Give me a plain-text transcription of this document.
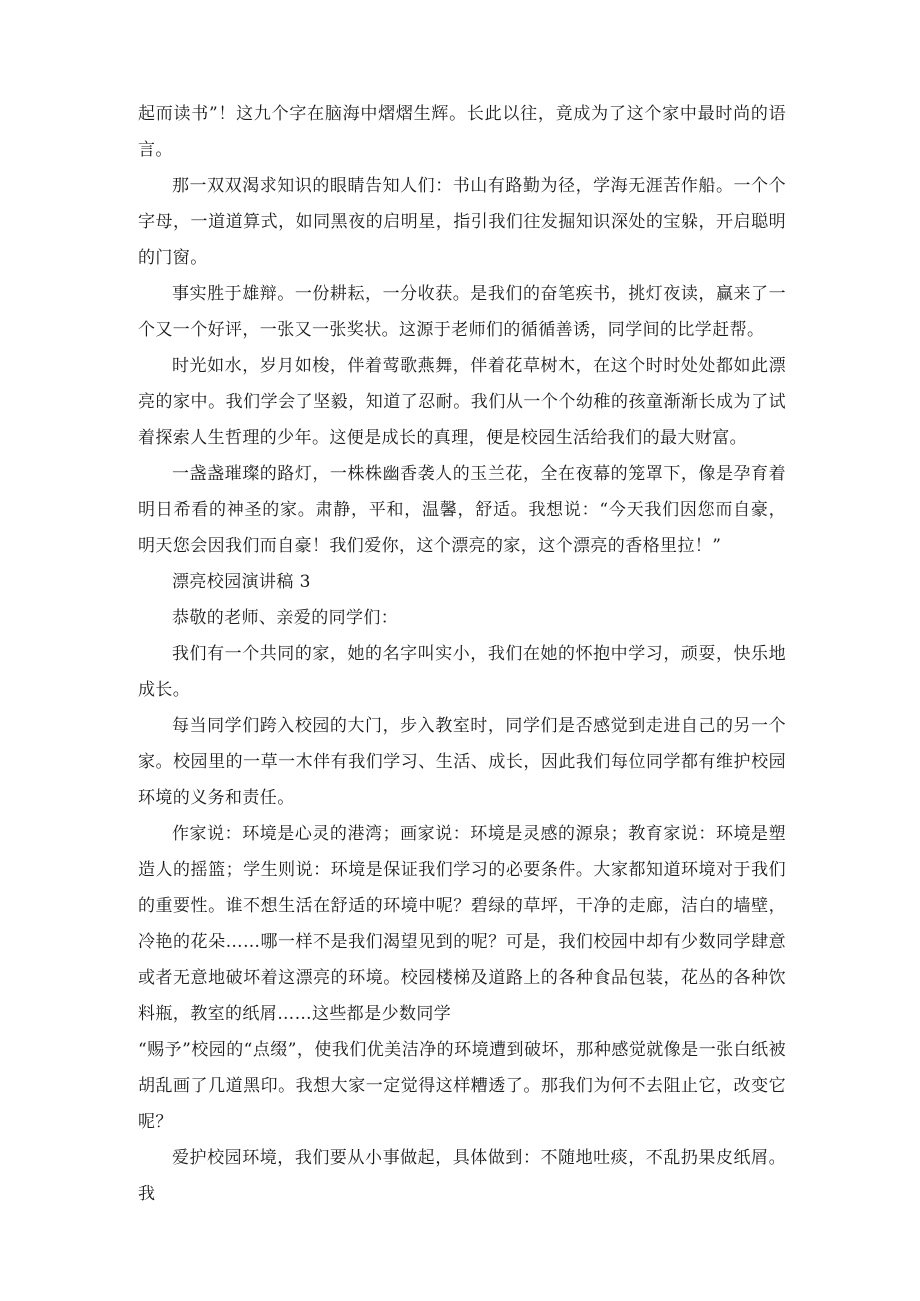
起而读书”！这九个字在脑海中熠熠生辉。长此以往，竟成为了这个家中最时尚的语言。

那一双双渴求知识的眼睛告知人们：书山有路勤为径，学海无涯苦作船。一个个字母，一道道算式，如同黑夜的启明星，指引我们往发掘知识深处的宝躲，开启聪明的门窗。

事实胜于雄辩。一份耕耘，一分收获。是我们的奋笔疾书，挑灯夜读，赢来了一个又一个好评，一张又一张奖状。这源于老师们的循循善诱，同学间的比学赶帮。

时光如水，岁月如梭，伴着莺歌燕舞，伴着花草树木，在这个时时处处都如此漂亮的家中。我们学会了坚毅，知道了忍耐。我们从一个个幼稚的孩童渐渐长成为了试着探索人生哲理的少年。这便是成长的真理，便是校园生活给我们的最大财富。

一盏盏璀璨的路灯，一株株幽香袭人的玉兰花，全在夜幕的笼罩下，像是孕育着明日希看的神圣的家。肃静，平和，温馨，舒适。我想说：“今天我们因您而自豪，明天您会因我们而自豪！我们爱你，这个漂亮的家，这个漂亮的香格里拉！”

漂亮校园演讲稿 3

恭敬的老师、亲爱的同学们：

我们有一个共同的家，她的名字叫实小，我们在她的怀抱中学习，顽耍，快乐地成长。

每当同学们跨入校园的大门，步入教室时，同学们是否感觉到走进自己的另一个家。校园里的一草一木伴有我们学习、生活、成长，因此我们每位同学都有维护校园环境的义务和责任。

作家说：环境是心灵的港湾；画家说：环境是灵感的源泉；教育家说：环境是塑造人的摇篮；学生则说：环境是保证我们学习的必要条件。大家都知道环境对于我们的重要性。谁不想生活在舒适的环境中呢？碧绿的草坪，干净的走廊，洁白的墙壁，冷艳的花朵……哪一样不是我们渴望见到的呢？可是，我们校园中却有少数同学肆意或者无意地破坏着这漂亮的环境。校园楼梯及道路上的各种食品包装，花丛的各种饮料瓶，教室的纸屑……这些都是少数同学

“赐予”校园的“点缀”，使我们优美洁净的环境遭到破坏，那种感觉就像是一张白纸被胡乱画了几道黑印。我想大家一定觉得这样糟透了。那我们为何不去阻止它，改变它呢？

爱护校园环境，我们要从小事做起，具体做到：不随地吐痰，不乱扔果皮纸屑。我
